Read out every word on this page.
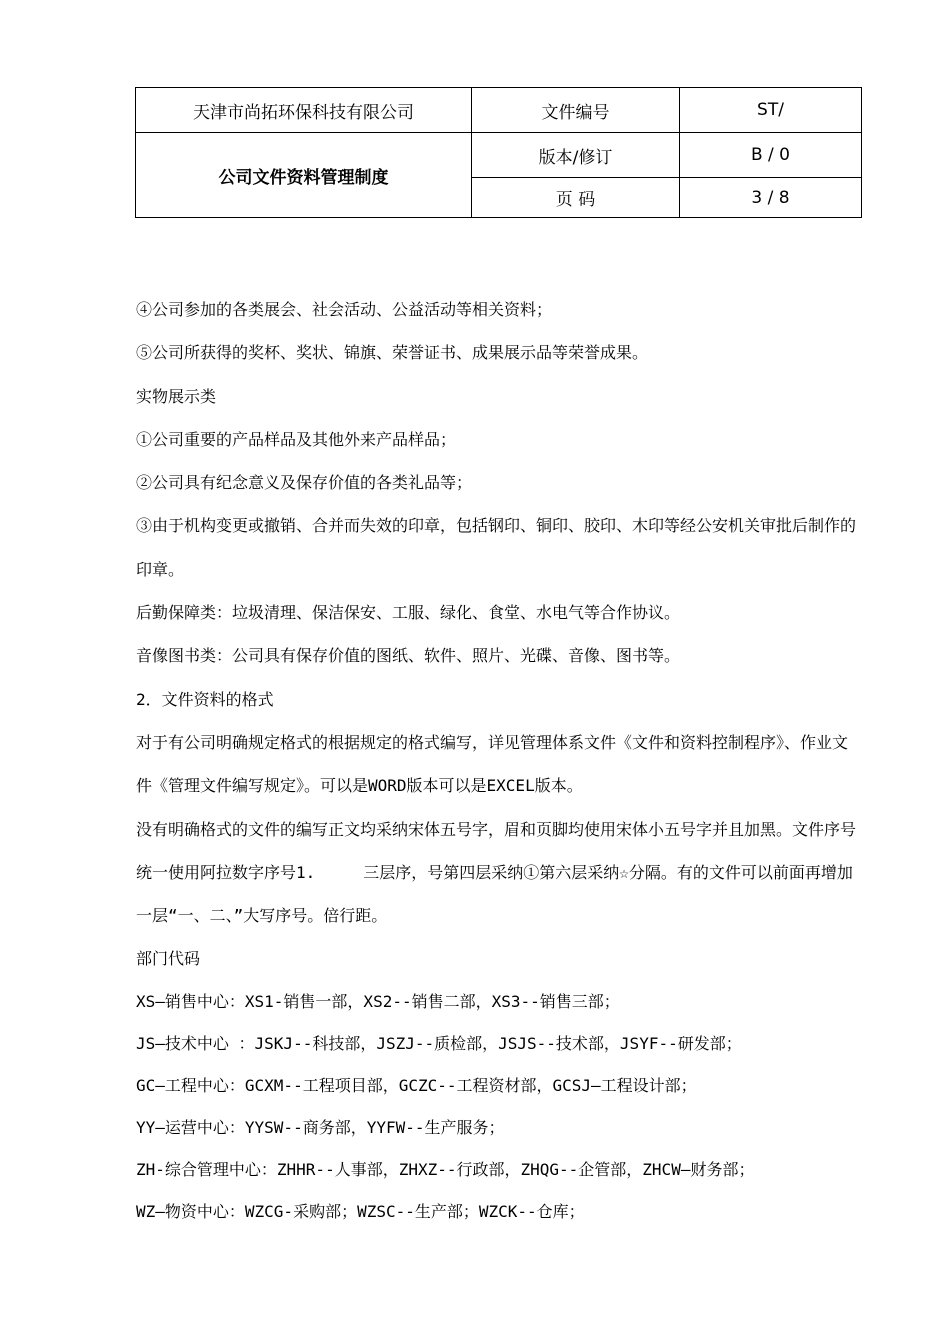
天津市尚拓环保科技有限公司	文件编号	ST/
公司文件资料管理制度	版本/修订	B / 0
	页 码	3 / 8

④公司参加的各类展会、社会活动、公益活动等相关资料；

⑤公司所获得的奖杯、奖状、锦旗、荣誉证书、成果展示品等荣誉成果。

实物展示类

①公司重要的产品样品及其他外来产品样品；

②公司具有纪念意义及保存价值的各类礼品等；

③由于机构变更或撤销、合并而失效的印章，包括钢印、铜印、胶印、木印等经公安机关审批后制作的印章。

后勤保障类：垃圾清理、保洁保安、工服、绿化、食堂、水电气等合作协议。

音像图书类：公司具有保存价值的图纸、软件、照片、光碟、音像、图书等。

2．文件资料的格式

对于有公司明确规定格式的根据规定的格式编写，详见管理体系文件《文件和资料控制程序》、作业文件《管理文件编写规定》。可以是WORD版本可以是EXCEL版本。

没有明确格式的文件的编写正文均采纳宋体五号字，眉和页脚均使用宋体小五号字并且加黑。文件序号统一使用阿拉数字序号1.　　　三层序，号第四层采纳①第六层采纳☆分隔。有的文件可以前面再增加一层“一、二、”大写序号。倍行距。

部门代码

XS—销售中心：XS1-销售一部，XS2--销售二部，XS3--销售三部；

JS—技术中心 ：JSKJ--科技部，JSZJ--质检部，JSJS--技术部，JSYF--研发部；

GC—工程中心：GCXM--工程项目部，GCZC--工程资材部，GCSJ—工程设计部；

YY—运营中心：YYSW--商务部，YYFW--生产服务；

ZH-综合管理中心：ZHHR--人事部，ZHXZ--行政部，ZHQG--企管部，ZHCW—财务部；

WZ—物资中心：WZCG-采购部；WZSC--生产部；WZCK--仓库；
